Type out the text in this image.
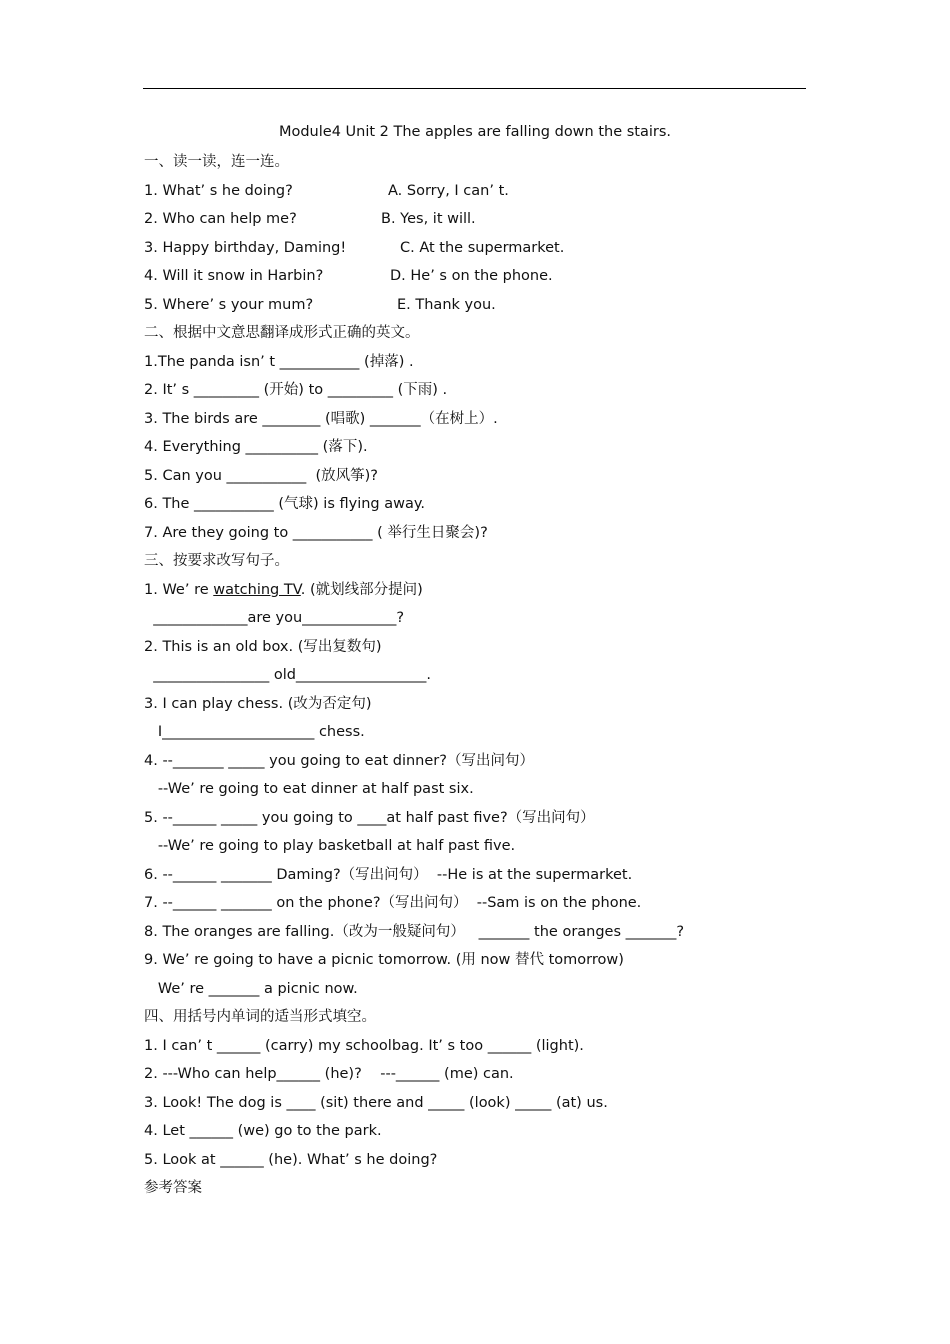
Module4 Unit 2 The apples are falling down the stairs.
一、读一读，连一连。
1. What’ s he doing?	A. Sorry, I can’ t.
2. Who can help me?	B. Yes, it will.
3. Happy birthday, Daming!	C. At the supermarket.
4. Will it snow in Harbin?	D. He’ s on the phone.
5. Where’ s your mum?	E. Thank you.
二、根据中文意思翻译成形式正确的英文。
1.The panda isn’ t ___________ (掉落) .
2. It’ s _________ (开始) to _________ (下雨) .
3. The birds are ________ (唱歌) _______（在树上）.
4. Everything __________ (落下).
5. Can you ___________  (放风筝)?
6. The ___________ (气球) is flying away.
7. Are they going to ___________ ( 举行生日聚会)?
三、按要求改写句子。
1. We’ re watching TV. (就划线部分提问)
_____________are you_____________?
2. This is an old box. (写出复数句)
________________ old__________________.
3. I can play chess. (改为否定句)
I_____________________ chess.
4. --_______ _____ you going to eat dinner?（写出问句）
--We’ re going to eat dinner at half past six.
5. --______ _____ you going to ____at half past five?（写出问句）
--We’ re going to play basketball at half past five.
6. --______ _______ Daming?（写出问句）  --He is at the supermarket.
7. --______ _______ on the phone?（写出问句）  --Sam is on the phone.
8. The oranges are falling.（改为一般疑问句）   _______ the oranges _______?
9. We’ re going to have a picnic tomorrow. (用 now 替代 tomorrow)
We’ re _______ a picnic now.
四、用括号内单词的适当形式填空。
1. I can’ t ______ (carry) my schoolbag. It’ s too ______ (light).
2. ---Who can help______ (he)?    ---______ (me) can.
3. Look! The dog is ____ (sit) there and _____ (look) _____ (at) us.
4. Let ______ (we) go to the park.
5. Look at ______ (he). What’ s he doing?
参考答案
